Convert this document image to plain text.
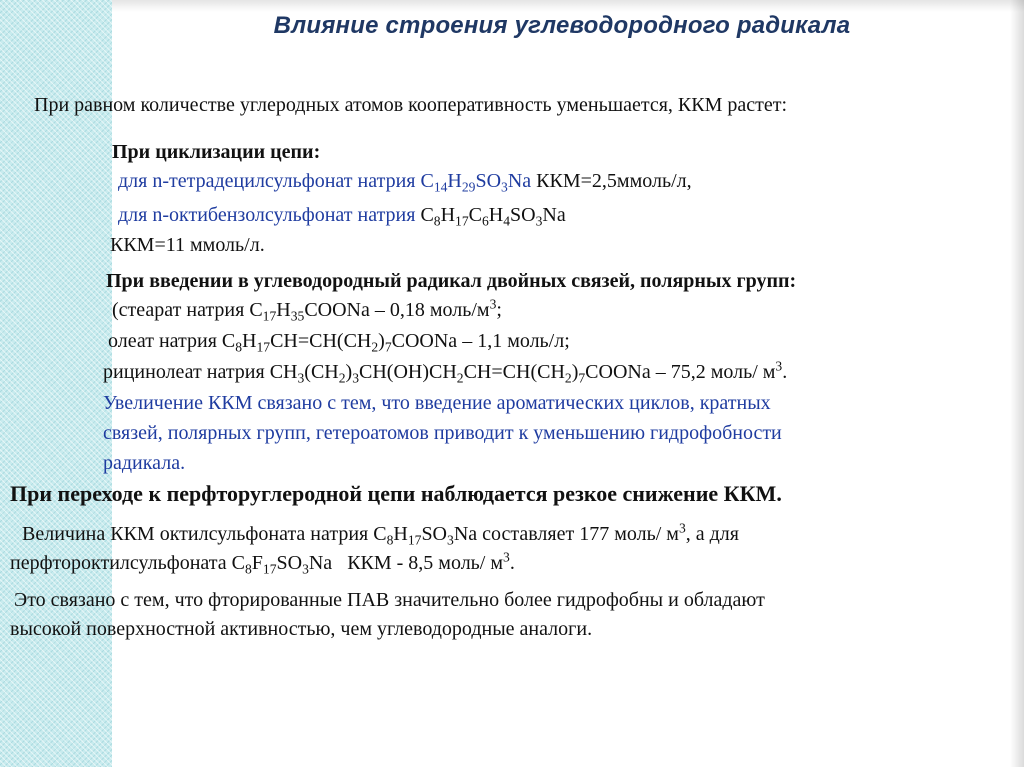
Влияние строения углеводородного радикала
При равном количестве углеродных атомов кооперативность уменьшается, ККМ растет:
При циклизации цепи:
для n-тетрадецилсульфонат натрия $C_{14}H_{29}SO_3Na$ ККМ=2,5ммоль/л,
для n-октибензолсульфонат натрия $C_8H_{17}C_6H_4SO_3Na$
ККМ=11 ммоль/л.
При введении в углеводородный радикал двойных связей, полярных групп:
(стеарат натрия $C_{17}H_{35}COONa - 0,18$ моль/$м^3$;
олеат натрия $C_8H_{17}CH=CH(CH_2)_7COONa - 1,1$ моль/л;
рицинолеат натрия $CH_3(CH_2)_3CH(OH)CH_2CH=CH(CH_2)_7COONa - 75,2$ моль/ $м^3$.
Увеличение ККМ связано с тем, что введение ароматических циклов, кратных
связей, полярных групп, гетероатомов приводит к уменьшению гидрофобности
радикала.
При переходе к перфторуглеродной цепи наблюдается резкое снижение ККМ.
Величина ККМ октилсульфоната натрия $C_8H_{17}SO_3Na$ составляет 177 моль/ $м^3$, а для
перфтороктилсульфоната $C_8F_{17}SO_3Na$ ККМ - 8,5 моль/ $м^3$.
Это связано с тем, что фторированные ПАВ значительно более гидрофобны и обладают
высокой поверхностной активностью, чем углеводородные аналоги.
